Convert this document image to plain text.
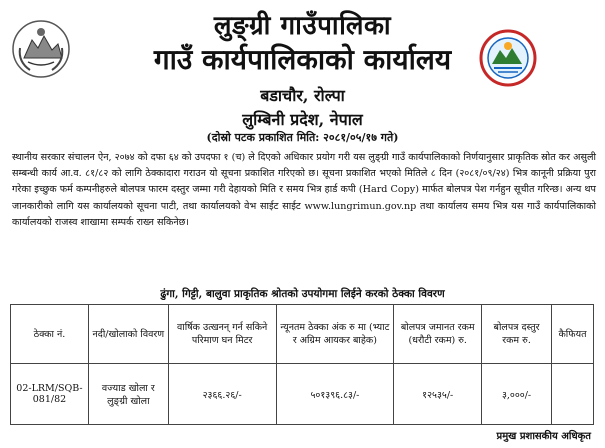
लुङ्ग्री गाउँपालिका
गाउँ कार्यपालिकाको कार्यालय
बडाचौर, रोल्पा
लुम्बिनी प्रदेश, नेपाल
(दोस्रो पटक प्रकाशित मिति: २०८१/०५/१७ गते)
स्थानीय सरकार संचालन ऐन, २०७४ को दफा ६४ को उपदफा १ (च) ले दिएको अधिकार प्रयोग गरी यस लुङ्ग्री गाउँ कार्यपालिकाको निर्णयानुसार प्राकृतिक स्रोत कर असुली सम्बन्धी कार्य आ.व. ८१/८२ को लागि ठेक्कादारा गराउन यो सूचना प्रकाशित गरिएको छ। सूचना प्रकाशित भएको मितिले ८ दिन (२०८१/०९/२४) भित्र कानूनी प्रक्रिया पुरा गरेका इच्छुक फर्म कम्पनीहरुले बोलपत्र फारम दस्तुर जम्मा गरी देहायको मिति र समय भित्र हार्ड कपी (Hard Copy) मार्फत बोलपत्र पेश गर्नहुन सूचीत गरिन्छ। अन्य थप जानकारीको लागि यस कार्यालयको सूचना पाटी, तथा कार्यालयको वेभ साईट साईट www.lungrimun.gov.np तथा कार्यालय समय भित्र यस गाउँ कार्यपालिकाको कार्यालयको राजस्व शाखामा सम्पर्क राख्न सकिनेछ।
ढुंगा, गिट्टी, बालुवा प्राकृतिक श्रोतको उपयोगमा लिईने करको ठेक्का विवरण
ठेक्का नं.	नदी/खोलाको विवरण	वार्षिक उत्खनन् गर्न सकिने परिमाण घन मिटर	न्यूनतम ठेक्का अंक रु मा (भ्याट र अग्रिम आयकर बाहेक)	बोलपत्र जमानत रकम (धरौटी रकम) रु.	बोलपत्र दस्तुर रकम रु.	कैफियत
02-LRM/SQB-081/82	वज्याड खोला र लुङ्ग्री खोला	२३६६.२६/-	५०१३९६.८३/-	१२५३५/-	३,०००/-	
प्रमुख प्रशासकीय अधिकृत
